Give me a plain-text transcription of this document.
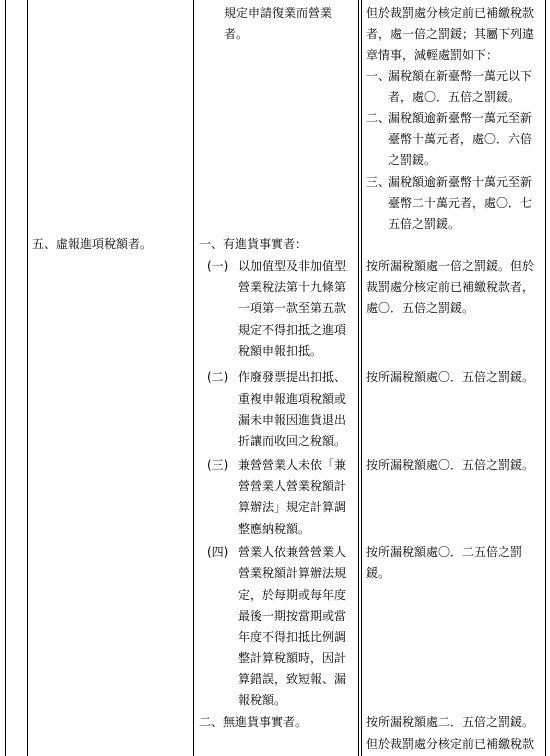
規定申請復業而營業
者。
但於裁罰處分核定前已補繳稅款
者，處一倍之罰鍰；其屬下列違
章情事，減輕處罰如下：
一、
漏稅額在新臺幣一萬元以下
者，處〇．五倍之罰鍰。
二、
漏稅額逾新臺幣一萬元至新
臺幣十萬元者，處〇．六倍
之罰鍰。
三、
漏稅額逾新臺幣十萬元至新
臺幣二十萬元者，處〇．七
五倍之罰鍰。
五、虛報進項稅額者。	一、有進貨事實者：
(一) 以加值型及非加值型
營業稅法第十九條第
一項第一款至第五款
規定不得扣抵之進項
稅額申報扣抵。
按所漏稅額處一倍之罰鍰。但於
裁罰處分核定前已補繳稅款者，
處〇．五倍之罰鍰。
(二) 作廢發票提出扣抵、
重複申報進項稅額或
漏未申報因進貨退出
折讓而收回之稅額。
按所漏稅額處〇．五倍之罰鍰。
(三) 兼營營業人未依「兼
營營業人營業稅額計
算辦法」規定計算調
整應納稅額。
按所漏稅額處〇．五倍之罰鍰。
(四) 營業人依兼營營業人
營業稅額計算辦法規
定，於每期或每年度
最後一期按當期或當
年度不得扣抵比例調
整計算稅額時，因計
算錯誤，致短報、漏
報稅額。
按所漏稅額處〇．二五倍之罰
鍰。
二、無進貨事實者。	按所漏稅額處二．五倍之罰鍰。
但於裁罰處分核定前已補繳稅款
